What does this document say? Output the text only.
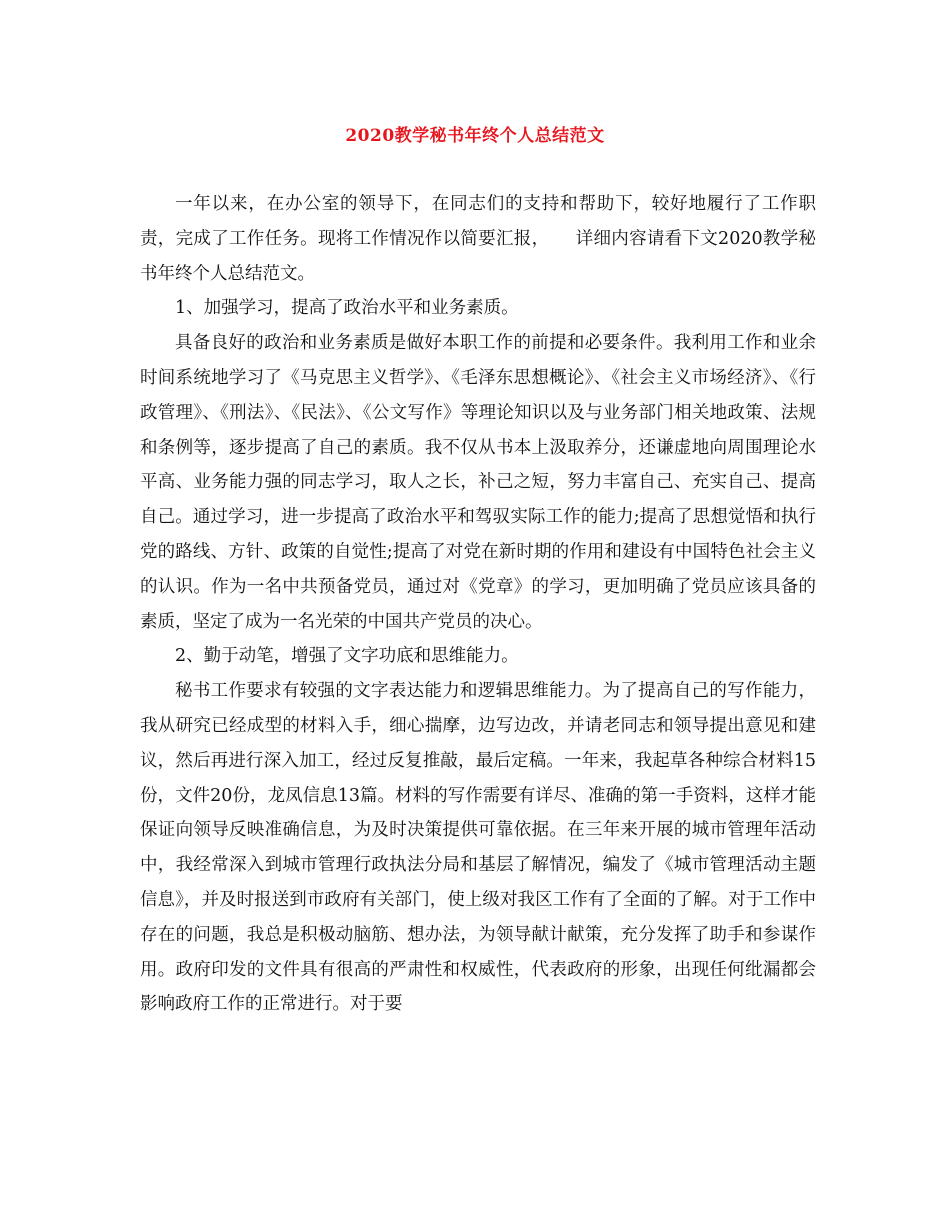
2020教学秘书年终个人总结范文

一年以来，在办公室的领导下，在同志们的支持和帮助下，较好地履行了工作职责，完成了工作任务。现将工作情况作以简要汇报， 详细内容请看下文2020教学秘书年终个人总结范文。

1、加强学习，提高了政治水平和业务素质。

具备良好的政治和业务素质是做好本职工作的前提和必要条件。我利用工作和业余时间系统地学习了《马克思主义哲学》、《毛泽东思想概论》、《社会主义市场经济》、《行政管理》、《刑法》、《民法》、《公文写作》等理论知识以及与业务部门相关地政策、法规和条例等，逐步提高了自己的素质。我不仅从书本上汲取养分，还谦虚地向周围理论水平高、业务能力强的同志学习，取人之长，补己之短，努力丰富自己、充实自己、提高自己。通过学习，进一步提高了政治水平和驾驭实际工作的能力;提高了思想觉悟和执行党的路线、方针、政策的自觉性;提高了对党在新时期的作用和建设有中国特色社会主义的认识。作为一名中共预备党员，通过对《党章》的学习，更加明确了党员应该具备的素质，坚定了成为一名光荣的中国共产党员的决心。

2、勤于动笔，增强了文字功底和思维能力。

秘书工作要求有较强的文字表达能力和逻辑思维能力。为了提高自己的写作能力，我从研究已经成型的材料入手，细心揣摩，边写边改，并请老同志和领导提出意见和建议，然后再进行深入加工，经过反复推敲，最后定稿。一年来，我起草各种综合材料15份，文件20份，龙凤信息13篇。材料的写作需要有详尽、准确的第一手资料，这样才能保证向领导反映准确信息，为及时决策提供可靠依据。在三年来开展的城市管理年活动中，我经常深入到城市管理行政执法分局和基层了解情况，编发了《城市管理活动主题信息》，并及时报送到市政府有关部门，使上级对我区工作有了全面的了解。对于工作中存在的问题，我总是积极动脑筋、想办法，为领导献计献策，充分发挥了助手和参谋作用。政府印发的文件具有很高的严肃性和权威性，代表政府的形象，出现任何纰漏都会影响政府工作的正常进行。对于要
